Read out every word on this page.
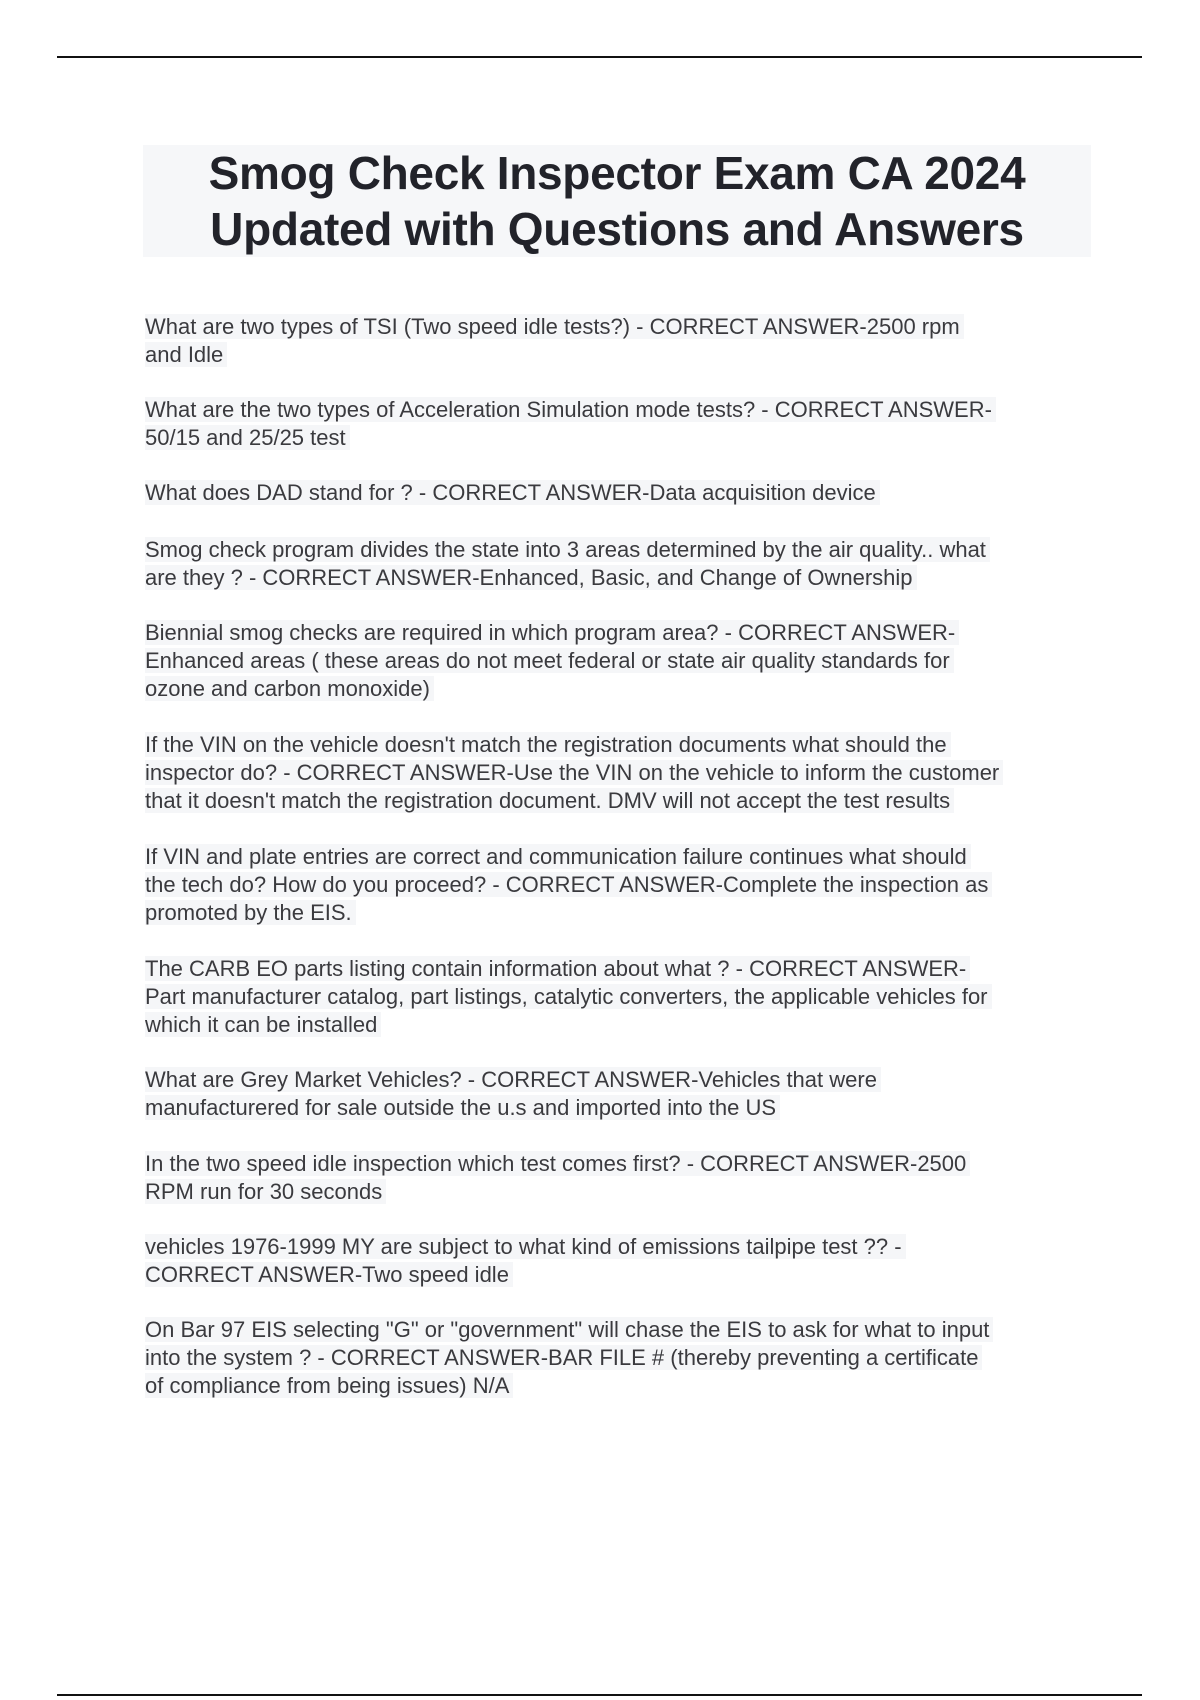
Smog Check Inspector Exam CA 2024
Updated with Questions and Answers
What are two types of TSI (Two speed idle tests?) - CORRECT ANSWER-2500 rpm
and Idle
What are the two types of Acceleration Simulation mode tests? - CORRECT ANSWER-
50/15 and 25/25 test
What does DAD stand for ? - CORRECT ANSWER-Data acquisition device
Smog check program divides the state into 3 areas determined by the air quality.. what
are they ? - CORRECT ANSWER-Enhanced, Basic, and Change of Ownership
Biennial smog checks are required in which program area? - CORRECT ANSWER-
Enhanced areas ( these areas do not meet federal or state air quality standards for
ozone and carbon monoxide)
If the VIN on the vehicle doesn't match the registration documents what should the
inspector do? - CORRECT ANSWER-Use the VIN on the vehicle to inform the customer
that it doesn't match the registration document. DMV will not accept the test results
If VIN and plate entries are correct and communication failure continues what should
the tech do? How do you proceed? - CORRECT ANSWER-Complete the inspection as
promoted by the EIS.
The CARB EO parts listing contain information about what ? - CORRECT ANSWER-
Part manufacturer catalog, part listings, catalytic converters, the applicable vehicles for
which it can be installed
What are Grey Market Vehicles? - CORRECT ANSWER-Vehicles that were
manufacturered for sale outside the u.s and imported into the US
In the two speed idle inspection which test comes first? - CORRECT ANSWER-2500
RPM run for 30 seconds
vehicles 1976-1999 MY are subject to what kind of emissions tailpipe test ?? -
CORRECT ANSWER-Two speed idle
On Bar 97 EIS selecting "G" or "government" will chase the EIS to ask for what to input
into the system ? - CORRECT ANSWER-BAR FILE # (thereby preventing a certificate
of compliance from being issues) N/A
